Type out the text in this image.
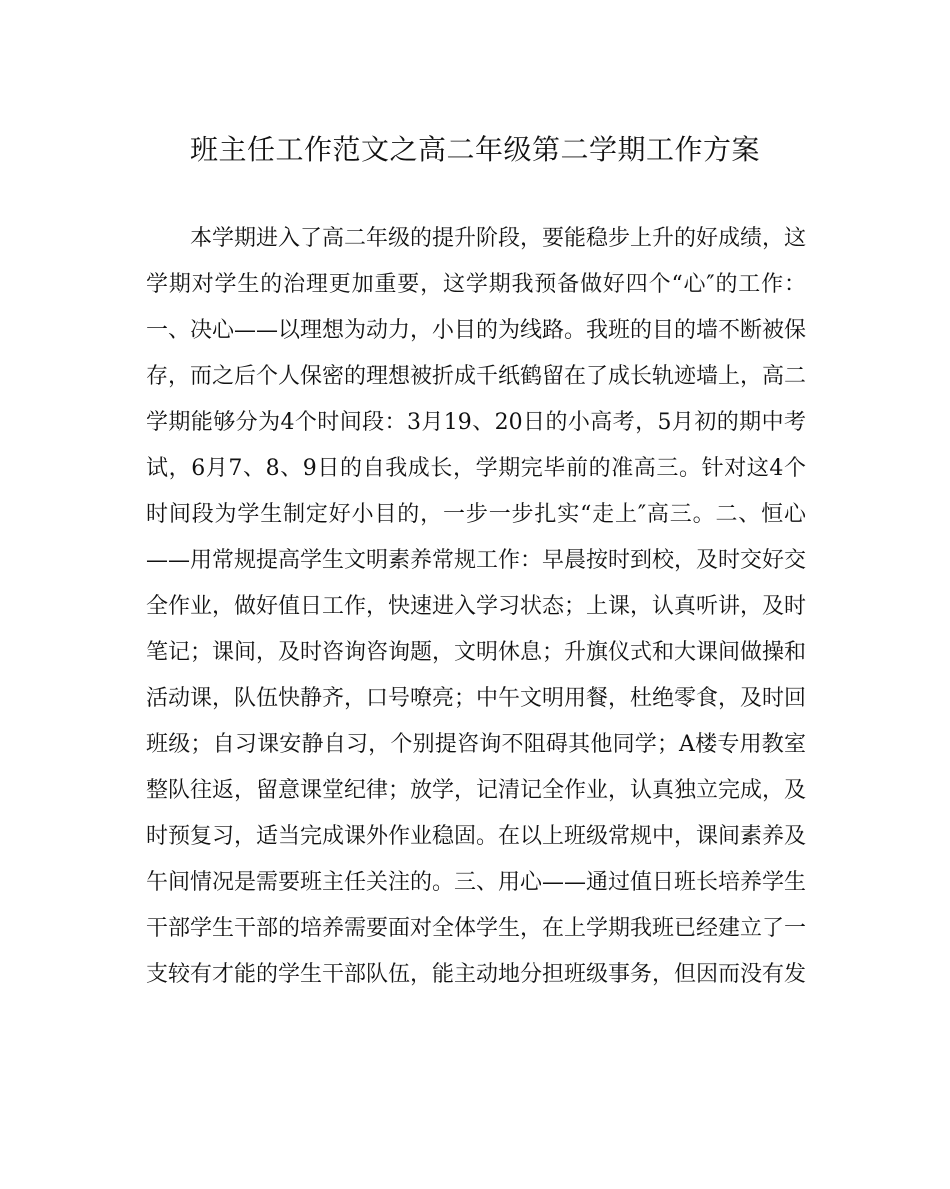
班主任工作范文之高二年级第二学期工作方案
本学期进入了高二年级的提升阶段，要能稳步上升的好成绩，这
学期对学生的治理更加重要，这学期我预备做好四个“心″的工作：
一、决心——以理想为动力，小目的为线路。我班的目的墙不断被保
存，而之后个人保密的理想被折成千纸鹤留在了成长轨迹墙上，高二
学期能够分为4个时间段：3月19、20日的小高考，5月初的期中考
试，6月7、8、9日的自我成长，学期完毕前的准高三。针对这4个
时间段为学生制定好小目的，一步一步扎实“走上″高三。二、恒心
——用常规提高学生文明素养常规工作：早晨按时到校，及时交好交
全作业，做好值日工作，快速进入学习状态；上课，认真听讲，及时
笔记；课间，及时咨询咨询题，文明休息；升旗仪式和大课间做操和
活动课，队伍快静齐，口号嘹亮；中午文明用餐，杜绝零食，及时回
班级；自习课安静自习，个别提咨询不阻碍其他同学；A楼专用教室
整队往返，留意课堂纪律；放学，记清记全作业，认真独立完成，及
时预复习，适当完成课外作业稳固。在以上班级常规中，课间素养及
午间情况是需要班主任关注的。三、用心——通过值日班长培养学生
干部学生干部的培养需要面对全体学生，在上学期我班已经建立了一
支较有才能的学生干部队伍，能主动地分担班级事务，但因而没有发
